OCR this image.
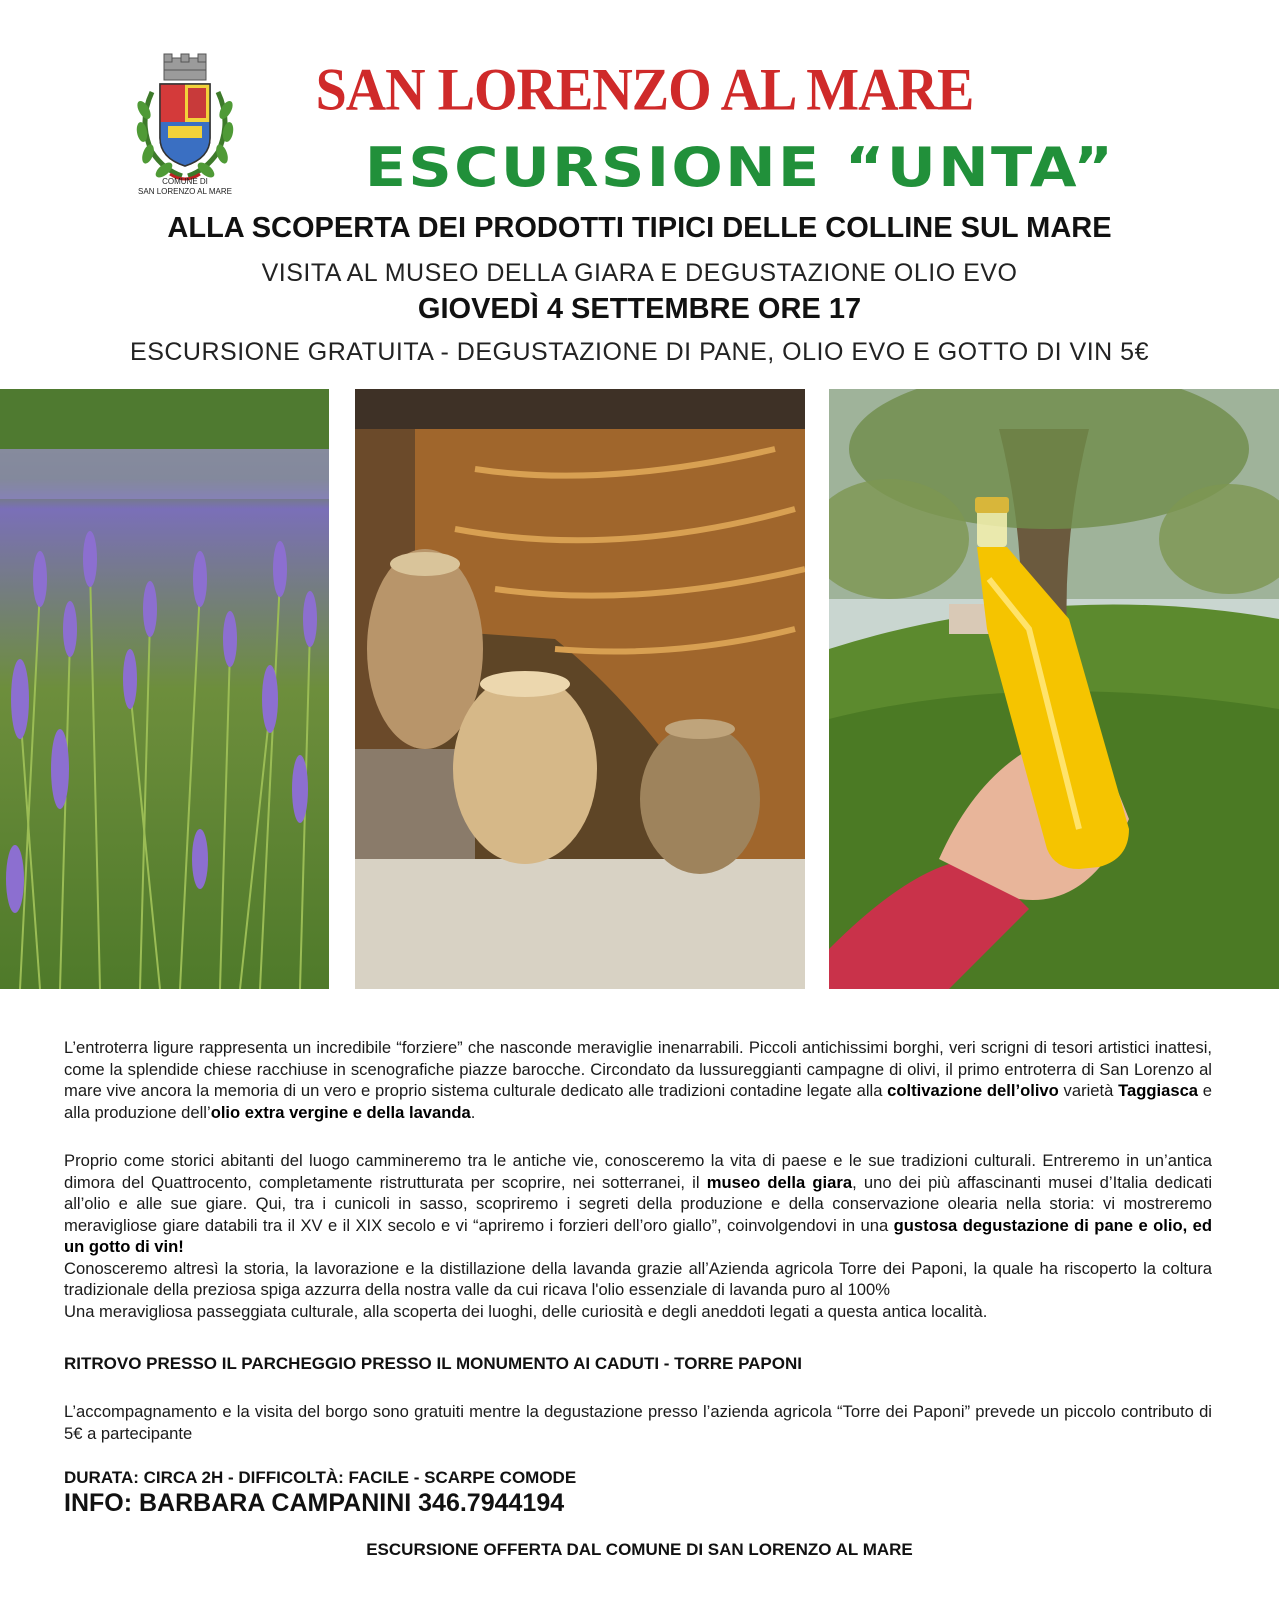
COMUNE DI
SAN LORENZO AL MARE
SAN LORENZO AL MARE
ESCURSIONE “UNTA”
ALLA SCOPERTA DEI PRODOTTI TIPICI DELLE COLLINE SUL MARE
VISITA AL MUSEO DELLA GIARA E DEGUSTAZIONE OLIO EVO
GIOVEDÌ 4 SETTEMBRE ORE 17
ESCURSIONE GRATUITA - DEGUSTAZIONE DI PANE, OLIO EVO E GOTTO DI VIN 5€
L’entroterra ligure rappresenta un incredibile “forziere” che nasconde meraviglie inenarrabili. Piccoli antichissimi borghi, veri scrigni di tesori artistici inattesi, come la splendide chiese racchiuse in scenografiche piazze barocche. Circondato da lussureggianti campagne di olivi, il primo entroterra di San Lorenzo al mare vive ancora la memoria di un vero e proprio sistema culturale dedicato alle tradizioni contadine legate alla coltivazione dell’olivo varietà Taggiasca e alla produzione dell’olio extra vergine e della lavanda.
Proprio come storici abitanti del luogo cammineremo tra le antiche vie, conosceremo la vita di paese e le sue tradizioni culturali. Entreremo in un’antica dimora del Quattrocento, completamente ristrutturata per scoprire, nei sotterranei, il museo della giara, uno dei più affascinanti musei d’Italia dedicati all’olio e alle sue giare. Qui, tra i cunicoli in sasso, scopriremo i segreti della produzione e della conservazione olearia nella storia: vi mostreremo meravigliose giare databili tra il XV e il XIX secolo e vi “apriremo i forzieri dell’oro giallo”, coinvolgendovi in una gustosa degustazione di pane e olio, ed un gotto di vin!
Conosceremo altresì la storia, la lavorazione e la distillazione della lavanda grazie all’Azienda agricola Torre dei Paponi, la quale ha riscoperto la coltura tradizionale della preziosa spiga azzurra della nostra valle da cui ricava l'olio essenziale di lavanda puro al 100%
Una meravigliosa passeggiata culturale, alla scoperta dei luoghi, delle curiosità e degli aneddoti legati a questa antica località.
RITROVO PRESSO IL PARCHEGGIO PRESSO IL MONUMENTO AI CADUTI - TORRE PAPONI
L’accompagnamento e la visita del borgo sono gratuiti mentre la degustazione presso l’azienda agricola “Torre dei Paponi” prevede un piccolo contributo di 5€ a partecipante
DURATA: CIRCA 2H - DIFFICOLTÀ: FACILE - SCARPE COMODE
INFO: BARBARA CAMPANINI 346.7944194
ESCURSIONE OFFERTA DAL COMUNE DI SAN LORENZO AL MARE
